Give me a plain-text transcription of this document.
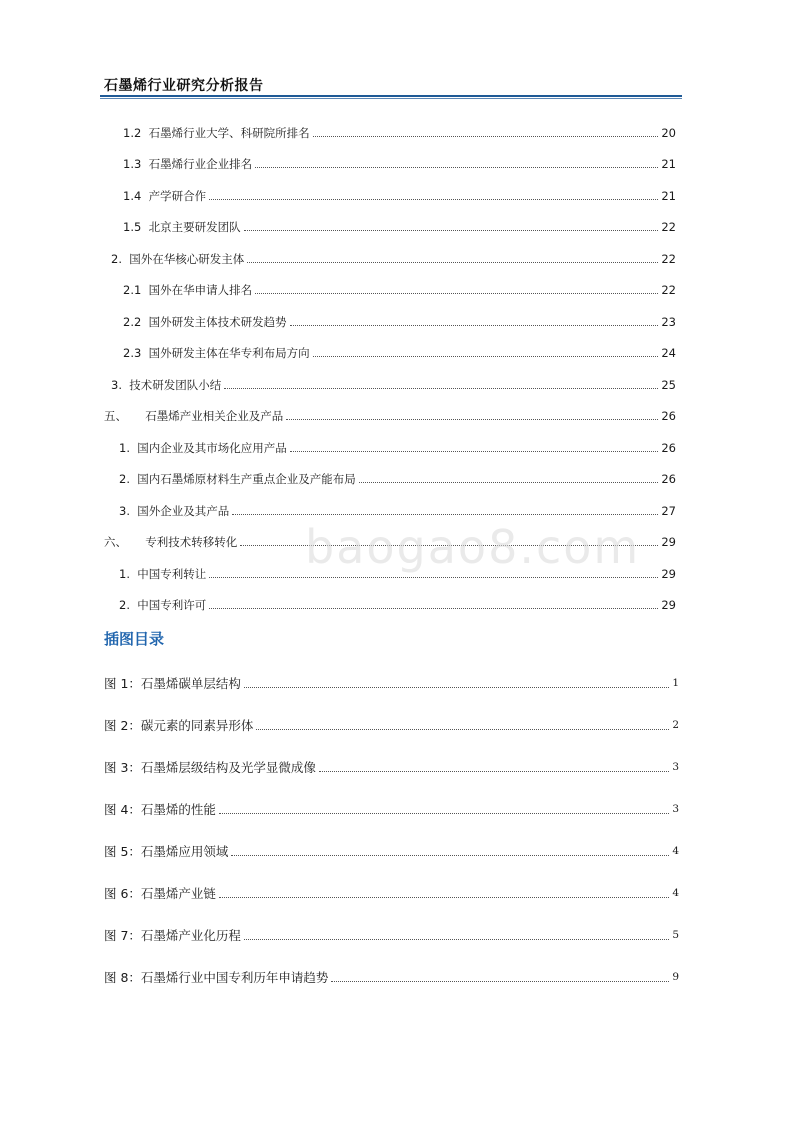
石墨烯行业研究分析报告
1.2 石墨烯行业大学、科研院所排名	20
1.3 石墨烯行业企业排名	21
1.4 产学研合作	21
1.5 北京主要研发团队	22
2. 国外在华核心研发主体	22
2.1 国外在华申请人排名	22
2.2 国外研发主体技术研发趋势	23
2.3 国外研发主体在华专利布局方向	24
3. 技术研发团队小结	25
五、 石墨烯产业相关企业及产品	26
1. 国内企业及其市场化应用产品	26
2. 国内石墨烯原材料生产重点企业及产能布局	26
3. 国外企业及其产品	27
六、 专利技术转移转化	29
1. 中国专利转让	29
2. 中国专利许可	29
插图目录
图 1：石墨烯碳单层结构	1
图 2：碳元素的同素异形体	2
图 3：石墨烯层级结构及光学显微成像	3
图 4：石墨烯的性能	3
图 5：石墨烯应用领域	4
图 6：石墨烯产业链	4
图 7：石墨烯产业化历程	5
图 8：石墨烯行业中国专利历年申请趋势	9
baogao8.com
